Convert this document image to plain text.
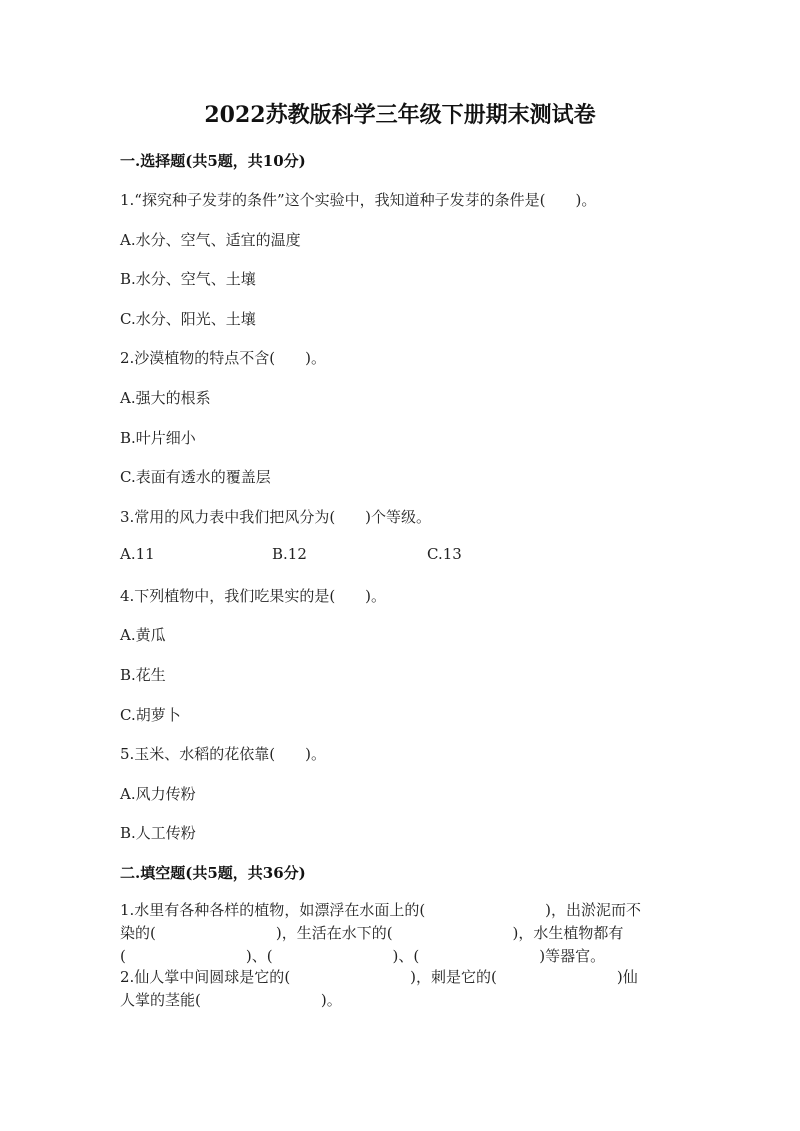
2022苏教版科学三年级下册期末测试卷
一.选择题(共5题，共10分)
1.“探究种子发芽的条件”这个实验中，我知道种子发芽的条件是(　　)。
A.水分、空气、适宜的温度
B.水分、空气、土壤
C.水分、阳光、土壤
2.沙漠植物的特点不含(　　)。
A.强大的根系
B.叶片细小
C.表面有透水的覆盖层
3.常用的风力表中我们把风分为(　　)个等级。
A.11	B.12	C.13
4.下列植物中，我们吃果实的是(　　)。
A.黄瓜
B.花生
C.胡萝卜
5.玉米、水稻的花依靠(　　)。
A.风力传粉
B.人工传粉
二.填空题(共5题，共36分)
1.水里有各种各样的植物，如漂浮在水面上的(　　　　　　　　)，出淤泥而不
染的(　　　　　　　　)，生活在水下的(　　　　　　　　)，水生植物都有
(　　　　　　　　)、(　　　　　　　　)、(　　　　　　　　)等器官。
2.仙人掌中间圆球是它的(　　　　　　　　)，刺是它的(　　　　　　　　)仙
人掌的茎能(　　　　　　　　)。
